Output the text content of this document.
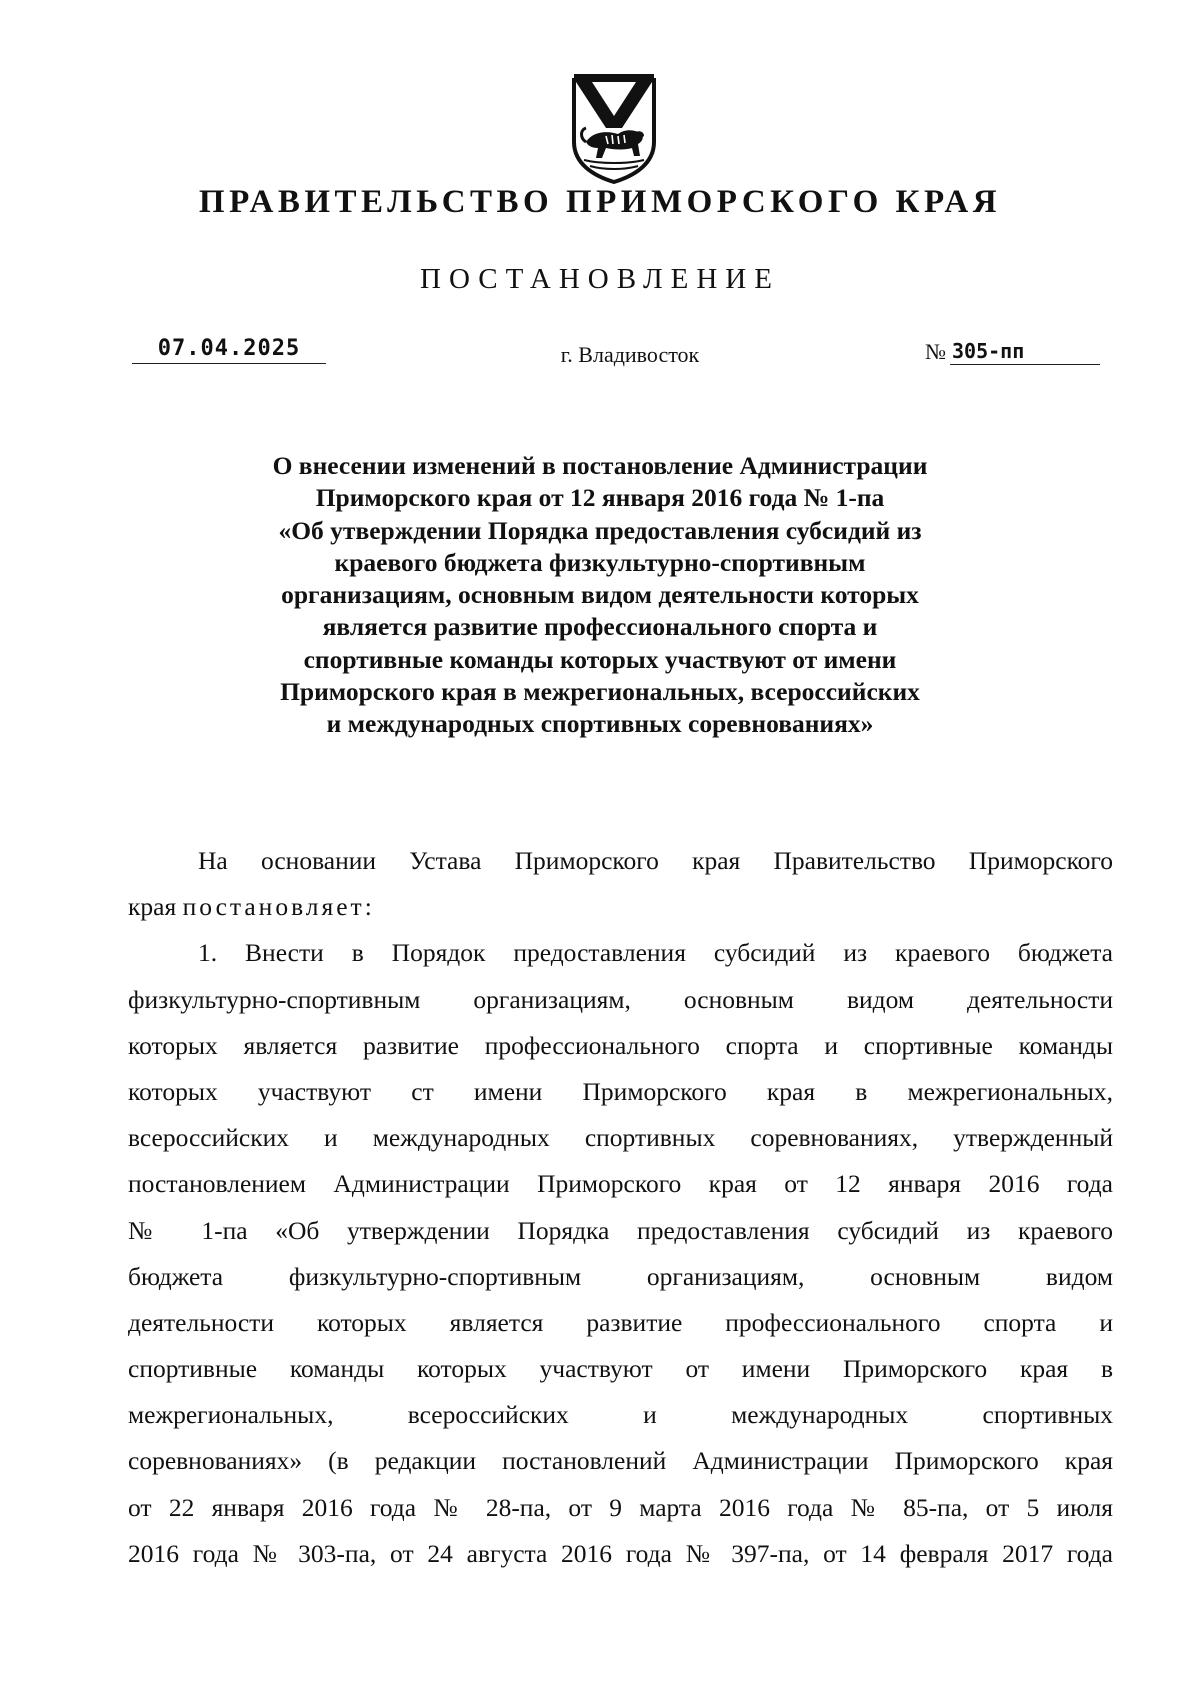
ПРАВИТЕЛЬСТВО ПРИМОРСКОГО КРАЯ
ПОСТАНОВЛЕНИЕ
07.04.2025	г. Владивосток	№ 305-пп
О внесении изменений в постановление Администрации
Приморского края от 12 января 2016 года № 1-па
«Об утверждении Порядка предоставления субсидий из
краевого бюджета физкультурно-спортивным
организациям, основным видом деятельности которых
является развитие профессионального спорта и
спортивные команды которых участвуют от имени
Приморского края в межрегиональных, всероссийских
и международных спортивных соревнованиях»
На основании Устава Приморского края Правительство Приморского
края постановляет:
1. Внести в Порядок предоставления субсидий из краевого бюджета
физкультурно-спортивным организациям, основным видом деятельности
которых является развитие профессионального спорта и спортивные команды
которых участвуют ст имени Приморского края в межрегиональных,
всероссийских и международных спортивных соревнованиях, утвержденный
постановлением Администрации Приморского края от 12 января 2016 года
№ 1-па «Об утверждении Порядка предоставления субсидий из краевого
бюджета физкультурно-спортивным организациям, основным видом
деятельности которых является развитие профессионального спорта и
спортивные команды которых участвуют от имени Приморского края в
межрегиональных, всероссийских и международных спортивных
соревнованиях» (в редакции постановлений Администрации Приморского края
от 22 января 2016 года № 28-па, от 9 марта 2016 года № 85-па, от 5 июля
2016 года № 303-па, от 24 августа 2016 года № 397-па, от 14 февраля 2017 года
